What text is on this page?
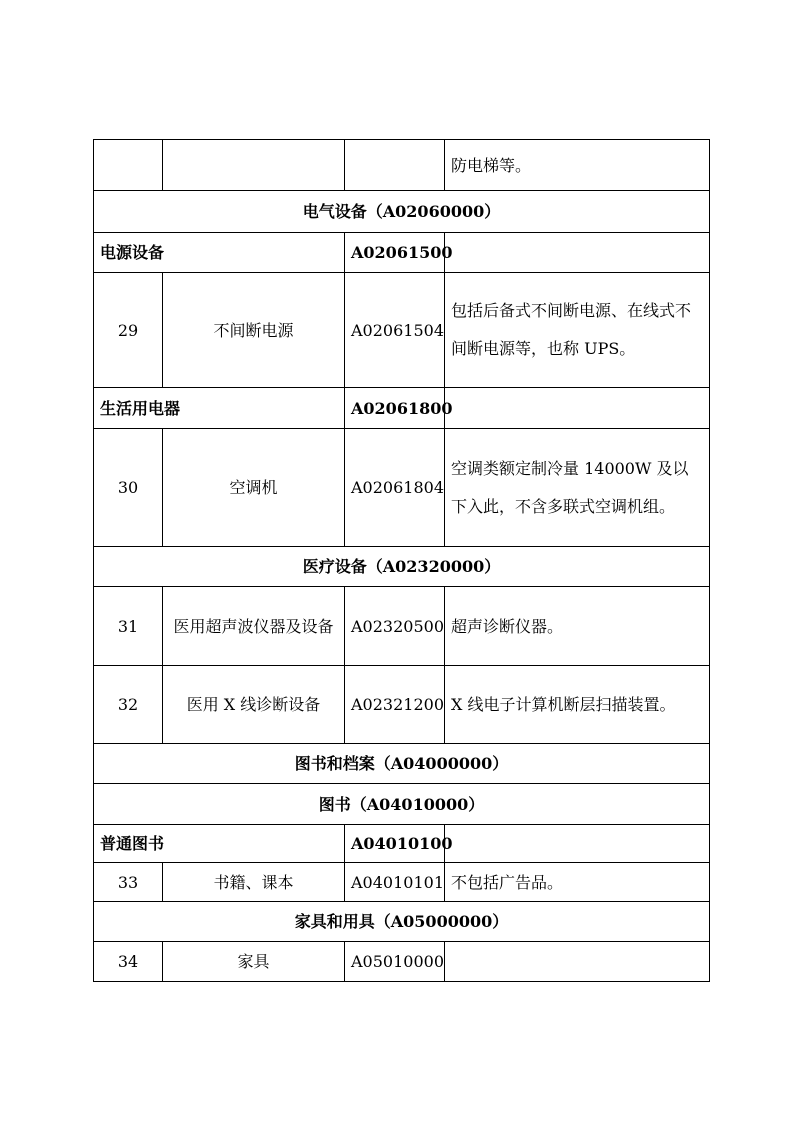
			防电梯等。
电气设备（A02060000）			
电源设备		A02061500	
29	不间断电源	A02061504	包括后备式不间断电源、在线式不间断电源等，也称 UPS。
生活用电器		A02061800	
30	空调机	A02061804	空调类额定制冷量 14000W 及以下入此，不含多联式空调机组。
医疗设备（A02320000）			
31	医用超声波仪器及设备	A02320500	超声诊断仪器。
32	医用 X 线诊断设备	A02321200	X 线电子计算机断层扫描装置。
图书和档案（A04000000）			
图书（A04010000）			
普通图书		A04010100	
33	书籍、课本	A04010101	不包括广告品。
家具和用具（A05000000）			
34	家具	A05010000	
